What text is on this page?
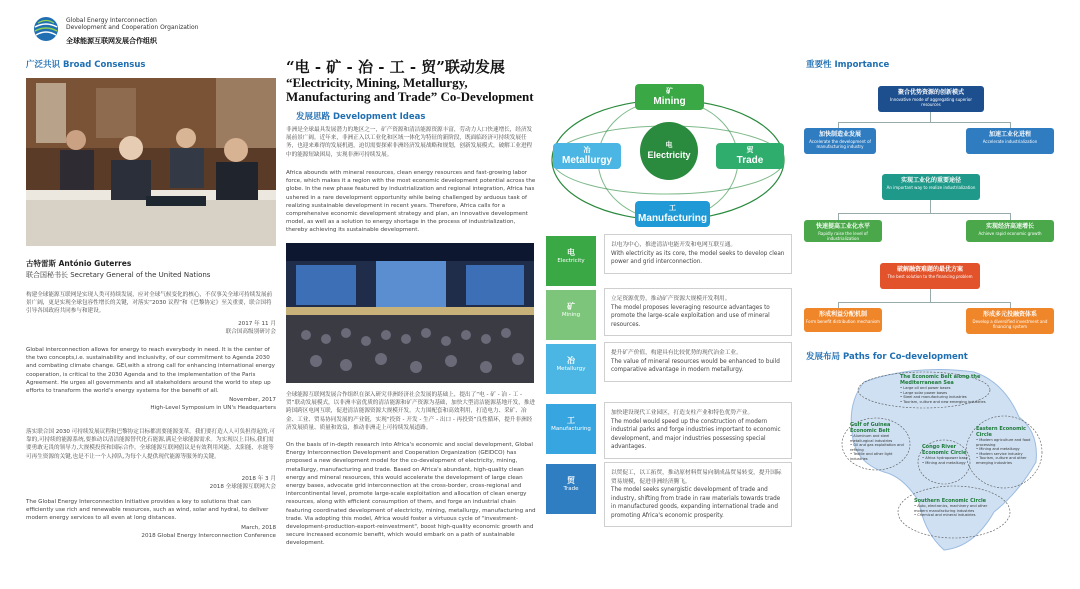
Global Energy Interconnection
Development and Cooperation Organization
全球能源互联网发展合作组织
广泛共识 Broad Consensus
古特雷斯 António Guterres
联合国秘书长 Secretary General of the United Nations
构建全球能源互联网是实现人类可持续发展，应对全球气候变化的核心，不仅事关全球可持续发展前景广阔，更是实现全球包容性增长的关键，对落实“2030 议程”和《巴黎协定》至关重要，联合国将引导各国政府共同参与和建设。
2017 年 11 月
联合国高级别研讨会
Global interconnection allows for energy to reach everybody in need. It is the center of the two concepts,i.e. sustainability and inclusivity, of our commitment to Agenda 2030 and combating climate change. GEI,with a strong call for enhancing international energy cooperation, is critical to the 2030 Agenda and to the implementation of the Paris Agreement. He urges all governments and all stakeholders around the world to step up efforts to transform the world's energy systems for the benefit of all.
November, 2017
High-Level Symposium in UN's Headquarters
落实联合国 2030 可持续发展议程和巴黎协定目标都需要能源变革。我们要打造人人可负担得起的,可靠的,可持续的能源系统,要推动以清洁能源替代化石能源,满足全球能源需求。为实现以上目标,我们需要勇敢无畏的领导力,大规模投资和国际合作。全球能源互联网倡议是有效利用风能、太阳能、水能等可再生资源的关键,也是不让一个人掉队,为每个人提供现代能源等服务的关键。
2018 年 3 月
2018 全球能源互联网大会
The Global Energy Interconnection Initiative provides a key to solutions that can efficiently use rich and renewable resources, such as wind, solar and hydral, to deliver modern energy services to all even at long distances.
March, 2018
2018 Global Energy Interconnection Conference
“电 - 矿 - 冶 - 工 - 贸”联动发展
“Electricity, Mining, Metallurgy, Manufacturing and Trade” Co-Development
发展思路 Development Ideas
非洲是全球最具发展潜力的地区之一，矿产资源和清洁能源资源丰富，劳动力人口快速增长，经济发展前景广阔。近年来，非洲正入以工业化和区域一体化为特征的新阶段，既面临经济可持续发展任务，也迎来难得的发展机遇，迫切需要探索非洲经济发展战略和规划，创新发展模式，破解工业进程中的能源短缺困局，实现非洲可持续发展。
Africa abounds with mineral resources, clean energy resources and fast-growing labor force, which makes it a region with the most economic development potential across the globe. In the new phase featured by industrialization and regional integration, Africa has ushered in a rare development opportunity while being challenged by arduous task of realizing sustainable development in recent years. Therefore, Africa calls for a comprehensive economic development strategy and plan, an innovative development model, as well as a solution to energy shortage in the process of industrialization, thereby achieving its sustainable development.
全球能源互联网发展合作组织在深入研究非洲经济社会发展的基础上，提出了“电 - 矿 - 冶 - 工 - 贸”联动发展模式，以非洲丰富优质的清洁能源和矿产资源为基础，加快大型清洁能源基地开发，推进跨国跨区电网互联，促进清洁能源资源大规模开发。大力围配套和高效利用，打造电力、采矿、冶金、工业、贸易协同发展的产业链，实现“投资 - 开发 - 生产 - 出口 - 再投资”良性循环，提升非洲经济发展质量、质量和效益，推动非洲走上可持续发展道路。
On the basis of in-depth research into Africa's economic and social development, Global Energy Interconnection Development and Cooperation Organization (GEIDCO) has proposed a new development model for the co-development of electricity, mining, metallurgy, manufacturing and trade. Based on Africa's abundant, high-quality clean energy and mineral resources, this would accelerate the development of large clean energy bases, advocate grid interconnection at the cross-border, cross-regional and intercontinental level, promote large-scale exploitation and allocation of clean energy resources, along with efficient consumption of them, and forge an industrial chain featuring coordinated development of electricity, mining, metallurgy, manufacturing and trade. Via adopting this model, Africa would foster a virtuous cycle of "investment-development-production-export-reinvestment", boost high-quality economic growth and secure increased economic benefit, which would embark on a path of sustainable development.
矿
Mining
冶
Metallurgy
电
Electricity	贸
Trade
工
Manufacturing
电
Electricity
以电为中心，推进清洁电能开发和电网互联互通。
With electricity as its core, the model seeks to develop clean power and grid interconnection.
矿
Mining
立足资源优势，推动矿产资源大规模开发利用。
The model proposes leveraging resource advantages to promote the large-scale exploitation and use of mineral resources.
冶
Metallurgy
提升矿产价值，构建具有比较优势的现代冶金工业。
The value of mineral resources would be enhanced to build comparative advantage in modern metallurgy.
工
Manufacturing
加快建设现代工业园区，打造支柱产业和特色优势产业。
The model would speed up the construction of modern industrial parks and forge industries important to economic development, and major industries possessing special advantages.
贸
Trade
以贸促工，以工拓贸，推动原材料贸易向制成品贸易转变，提升国际贸易规模，促进非洲经济腾飞。
The model seeks synergistic development of trade and industry, shifting from trade in raw materials towards trade in manufactured goods, expanding international trade and promoting Africa's economic prosperity.
重要性 Importance
聚合优势资源的创新模式
Innovative mode of aggregating superior resources
加快制造业发展
Accelerate the development of manufacturing industry
加速工业化进程
Accelerate industrialization
实现工业化的重要途径
An important way to realize industrialization
快速提高工业化水平
Rapidly raise the level of industrialization
实现经济高速增长
Achieve rapid economic growth
破解融资难题的最优方案
The best solution to the financing problem
形成利益分配机制
Form benefit distribution mechanism
形成多元投融资体系
Develop a diversified investment and financing system
发展布局 Paths for Co-development
The Economic Belt along the Mediterranean Sea
• Large oil and power bases
• Large solar power bases
• Steel and manufacturing industries
• Tourism, culture and new emerging industries
Gulf of Guinea Economic Belt
• Aluminum and steel metallurgical industries
• Oil and gas exploitation and refining
• Textile and other light industries
Congo River Economic Circle
• Africa hydropower base
• Mining and metallurgy
Eastern Economic Circle
• Modern agriculture and food processing
• Mining and metallurgy
• Modern service industry
• Tourism, culture and other emerging industries
Southern Economic Circle
• Auto, electronics, machinery and other modern manufacturing industries
• Chemical and mineral industries
